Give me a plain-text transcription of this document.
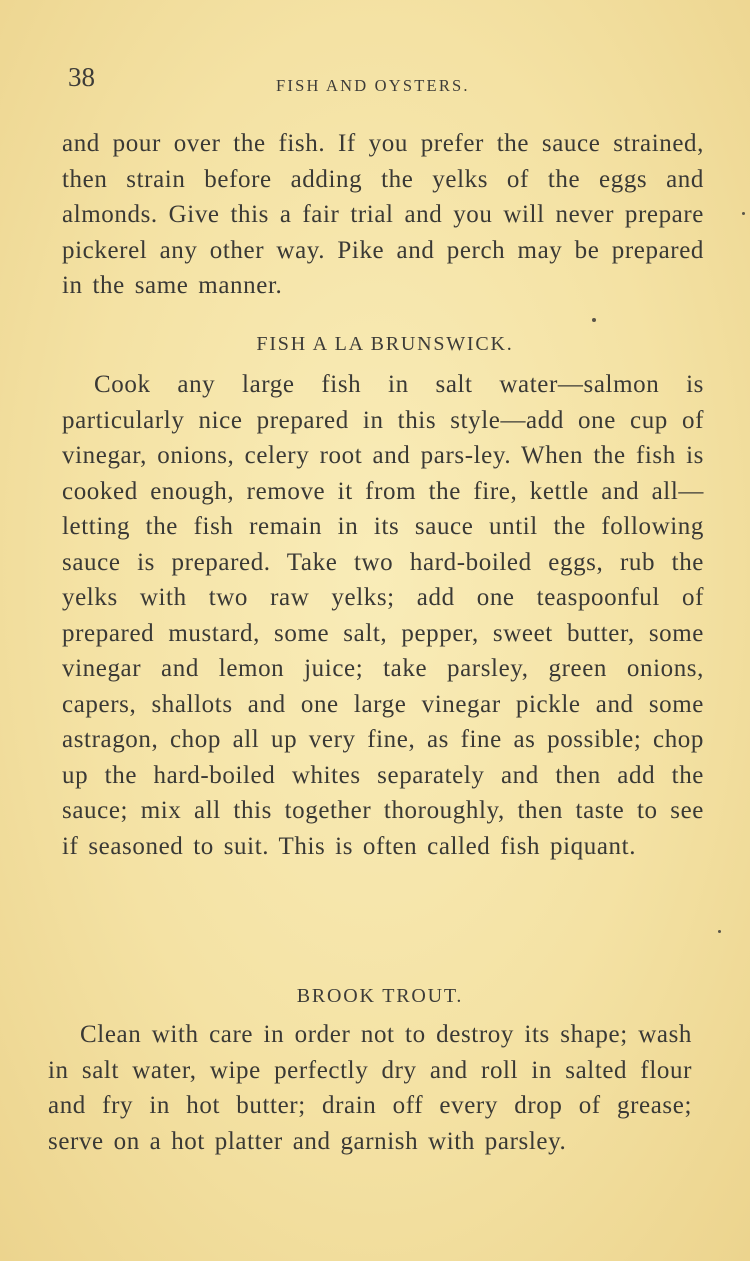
38	FISH AND OYSTERS.

and pour over the fish. If you prefer the sauce strained, then strain before adding the yelks of the eggs and almonds. Give this a fair trial and you will never prepare pickerel any other way. Pike and perch may be prepared in the same manner.

FISH A LA BRUNSWICK.

Cook any large fish in salt water—salmon is particularly nice prepared in this style—add one cup of vinegar, onions, celery root and pars-ley. When the fish is cooked enough, remove it from the fire, kettle and all—letting the fish remain in its sauce until the following sauce is prepared. Take two hard-boiled eggs, rub the yelks with two raw yelks; add one teaspoonful of prepared mustard, some salt, pepper, sweet butter, some vinegar and lemon juice; take parsley, green onions, capers, shallots and one large vinegar pickle and some astragon, chop all up very fine, as fine as possible; chop up the hard-boiled whites separately and then add the sauce; mix all this together thoroughly, then taste to see if seasoned to suit. This is often called fish piquant.

BROOK TROUT.

Clean with care in order not to destroy its shape; wash in salt water, wipe perfectly dry and roll in salted flour and fry in hot butter; drain off every drop of grease; serve on a hot platter and garnish with parsley.
